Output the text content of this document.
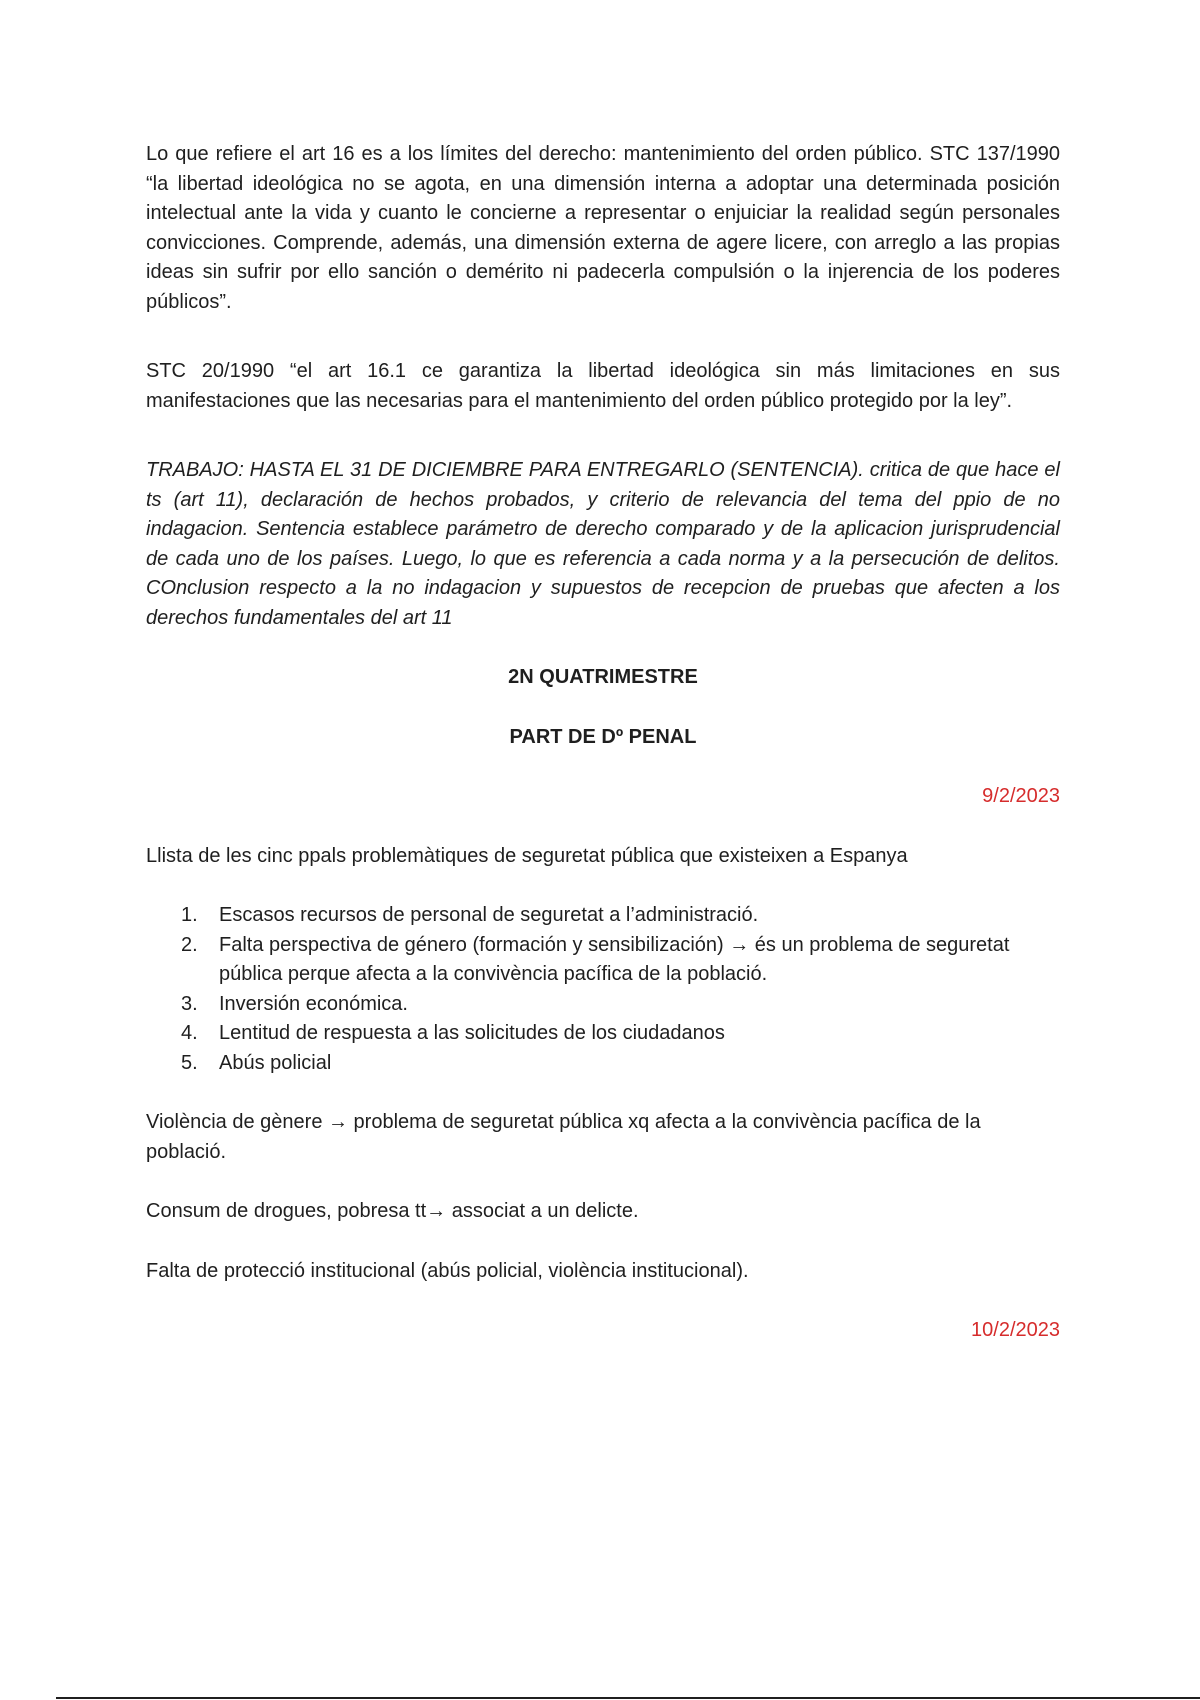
Lo que refiere el art 16 es a los límites del derecho: mantenimiento del orden público. STC 137/1990 “la libertad ideológica no se agota, en una dimensión interna a adoptar una determinada posición intelectual ante la vida y cuanto le concierne a representar o enjuiciar la realidad según personales convicciones. Comprende, además, una dimensión externa de agere licere, con arreglo a las propias ideas sin sufrir por ello sanción o demérito ni padecerla compulsión o la injerencia de los poderes públicos”.

STC 20/1990 “el art 16.1 ce garantiza la libertad ideológica sin más limitaciones en sus manifestaciones que las necesarias para el mantenimiento del orden público protegido por la ley”.

TRABAJO: HASTA EL 31 DE DICIEMBRE PARA ENTREGARLO (SENTENCIA). critica de que hace el ts (art 11), declaración de hechos probados, y criterio de relevancia del tema del ppio de no indagacion. Sentencia establece parámetro de derecho comparado y de la aplicacion jurisprudencial de cada uno de los países. Luego, lo que es referencia a cada norma y a la persecución de delitos. COnclusion respecto a la no indagacion y supuestos de recepcion de pruebas que afecten a los derechos fundamentales del art 11

2N QUATRIMESTRE

PART DE Dº PENAL

9/2/2023

Llista de les cinc ppals problemàtiques de seguretat pública que existeixen a Espanya

1.	Escasos recursos de personal de seguretat a l’administració.
2.	Falta perspectiva de género (formación y sensibilización) → és un problema de seguretat pública perque afecta a la convivència pacífica de la població.
3.	Inversión económica.
4.	Lentitud de respuesta a las solicitudes de los ciudadanos
5.	Abús policial

Violència de gènere → problema de seguretat pública xq afecta a la convivència pacífica de la població.

Consum de drogues, pobresa tt→ associat a un delicte.

Falta de protecció institucional (abús policial, violència institucional).

10/2/2023
